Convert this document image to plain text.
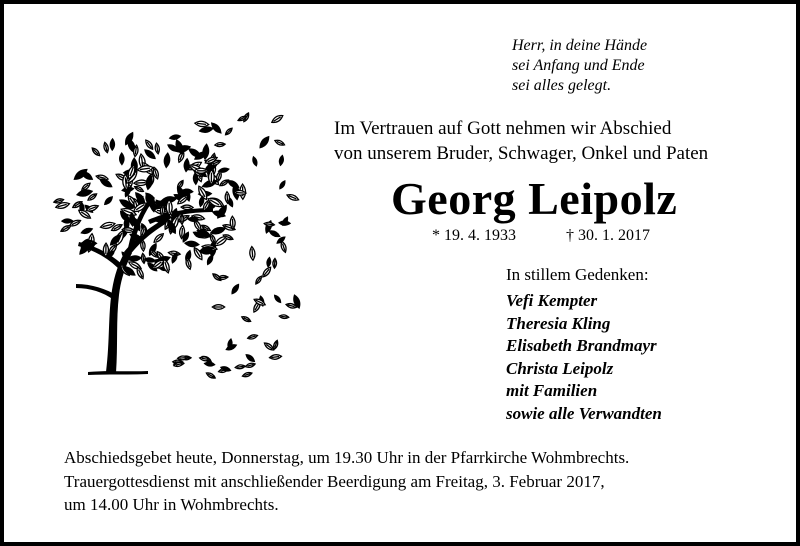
Herr, in deine Hände
sei Anfang und Ende
sei alles gelegt.
Im Vertrauen auf Gott nehmen wir Abschied
von unserem Bruder, Schwager, Onkel und Paten
Georg Leipolz
* 19. 4. 1933	† 30. 1. 2017
In stillem Gedenken:
Vefi Kempter
Theresia Kling
Elisabeth Brandmayr
Christa Leipolz
mit Familien
sowie alle Verwandten
Abschiedsgebet heute, Donnerstag, um 19.30 Uhr in der Pfarrkirche Wohmbrechts.
Trauergottesdienst mit anschließender Beerdigung am Freitag, 3. Februar 2017,
um 14.00 Uhr in Wohmbrechts.
